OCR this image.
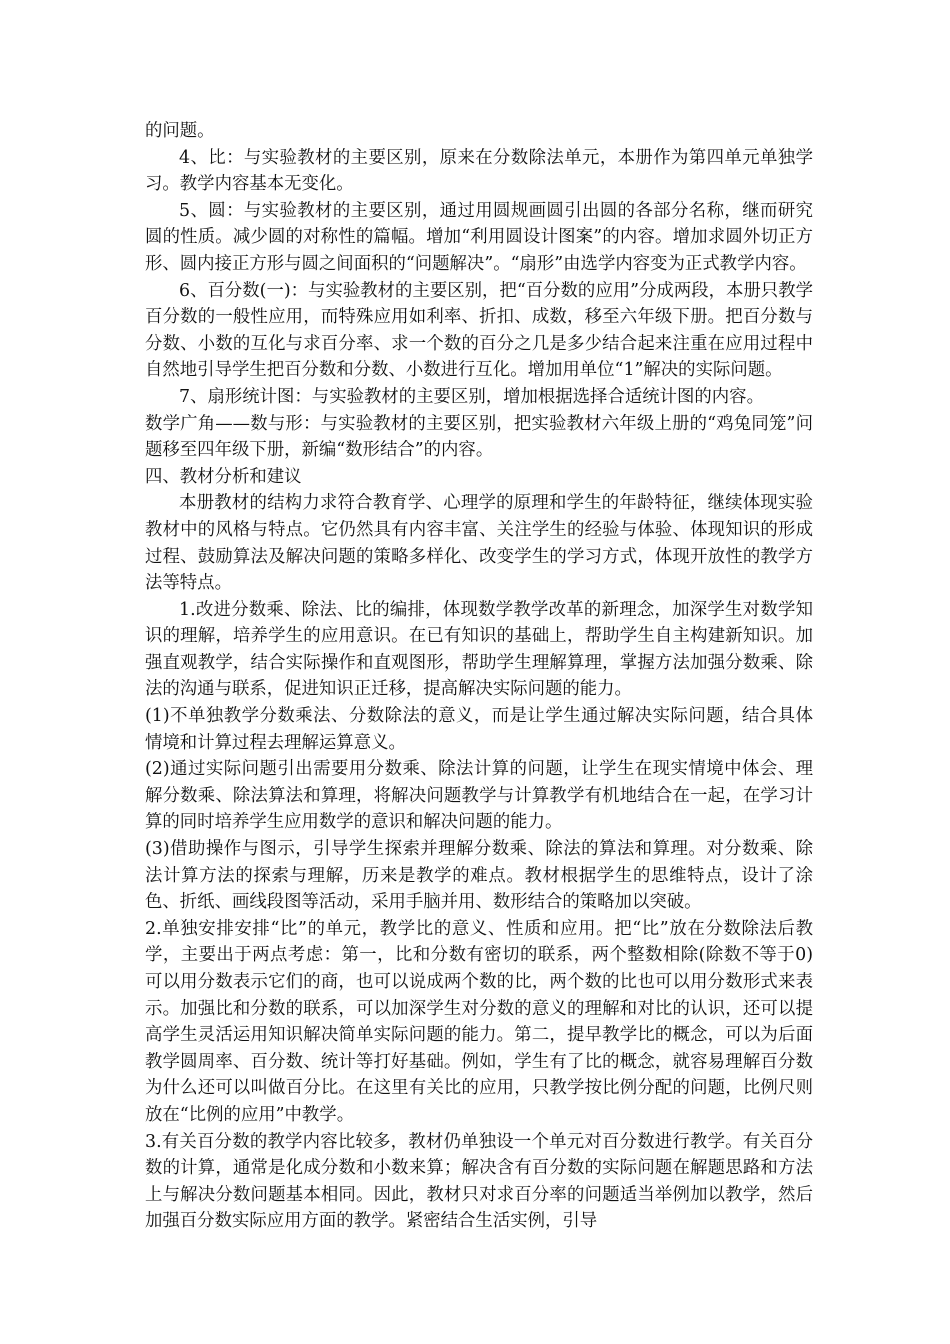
的问题。

4、比：与实验教材的主要区别，原来在分数除法单元，本册作为第四单元单独学习。教学内容基本无变化。

5、圆：与实验教材的主要区别，通过用圆规画圆引出圆的各部分名称，继而研究圆的性质。减少圆的对称性的篇幅。增加“利用圆设计图案”的内容。增加求圆外切正方形、圆内接正方形与圆之间面积的“问题解决”。“扇形”由选学内容变为正式教学内容。

6、百分数(一)：与实验教材的主要区别，把“百分数的应用”分成两段，本册只教学百分数的一般性应用，而特殊应用如利率、折扣、成数，移至六年级下册。把百分数与分数、小数的互化与求百分率、求一个数的百分之几是多少结合起来注重在应用过程中自然地引导学生把百分数和分数、小数进行互化。增加用单位“1”解决的实际问题。

7、扇形统计图：与实验教材的主要区别，增加根据选择合适统计图的内容。

数学广角——数与形：与实验教材的主要区别，把实验教材六年级上册的“鸡兔同笼”问题移至四年级下册，新编“数形结合”的内容。

四、教材分析和建议

本册教材的结构力求符合教育学、心理学的原理和学生的年龄特征，继续体现实验教材中的风格与特点。它仍然具有内容丰富、关注学生的经验与体验、体现知识的形成过程、鼓励算法及解决问题的策略多样化、改变学生的学习方式，体现开放性的教学方法等特点。

1.改进分数乘、除法、比的编排，体现数学教学改革的新理念，加深学生对数学知识的理解，培养学生的应用意识。在已有知识的基础上，帮助学生自主构建新知识。加强直观教学，结合实际操作和直观图形，帮助学生理解算理，掌握方法加强分数乘、除法的沟通与联系，促进知识正迁移，提高解决实际问题的能力。

(1)不单独教学分数乘法、分数除法的意义，而是让学生通过解决实际问题，结合具体情境和计算过程去理解运算意义。

(2)通过实际问题引出需要用分数乘、除法计算的问题，让学生在现实情境中体会、理解分数乘、除法算法和算理，将解决问题教学与计算教学有机地结合在一起，在学习计算的同时培养学生应用数学的意识和解决问题的能力。

(3)借助操作与图示，引导学生探索并理解分数乘、除法的算法和算理。对分数乘、除法计算方法的探索与理解，历来是教学的难点。教材根据学生的思维特点，设计了涂色、折纸、画线段图等活动，采用手脑并用、数形结合的策略加以突破。

2.单独安排安排“比”的单元，教学比的意义、性质和应用。把“比”放在分数除法后教学，主要出于两点考虑：第一，比和分数有密切的联系，两个整数相除(除数不等于0)可以用分数表示它们的商，也可以说成两个数的比，两个数的比也可以用分数形式来表示。加强比和分数的联系，可以加深学生对分数的意义的理解和对比的认识，还可以提高学生灵活运用知识解决简单实际问题的能力。第二，提早教学比的概念，可以为后面教学圆周率、百分数、统计等打好基础。例如，学生有了比的概念，就容易理解百分数为什么还可以叫做百分比。在这里有关比的应用，只教学按比例分配的问题，比例尺则放在“比例的应用”中教学。

3.有关百分数的教学内容比较多，教材仍单独设一个单元对百分数进行教学。有关百分数的计算，通常是化成分数和小数来算；解决含有百分数的实际问题在解题思路和方法上与解决分数问题基本相同。因此，教材只对求百分率的问题适当举例加以教学，然后加强百分数实际应用方面的教学。紧密结合生活实例，引导
